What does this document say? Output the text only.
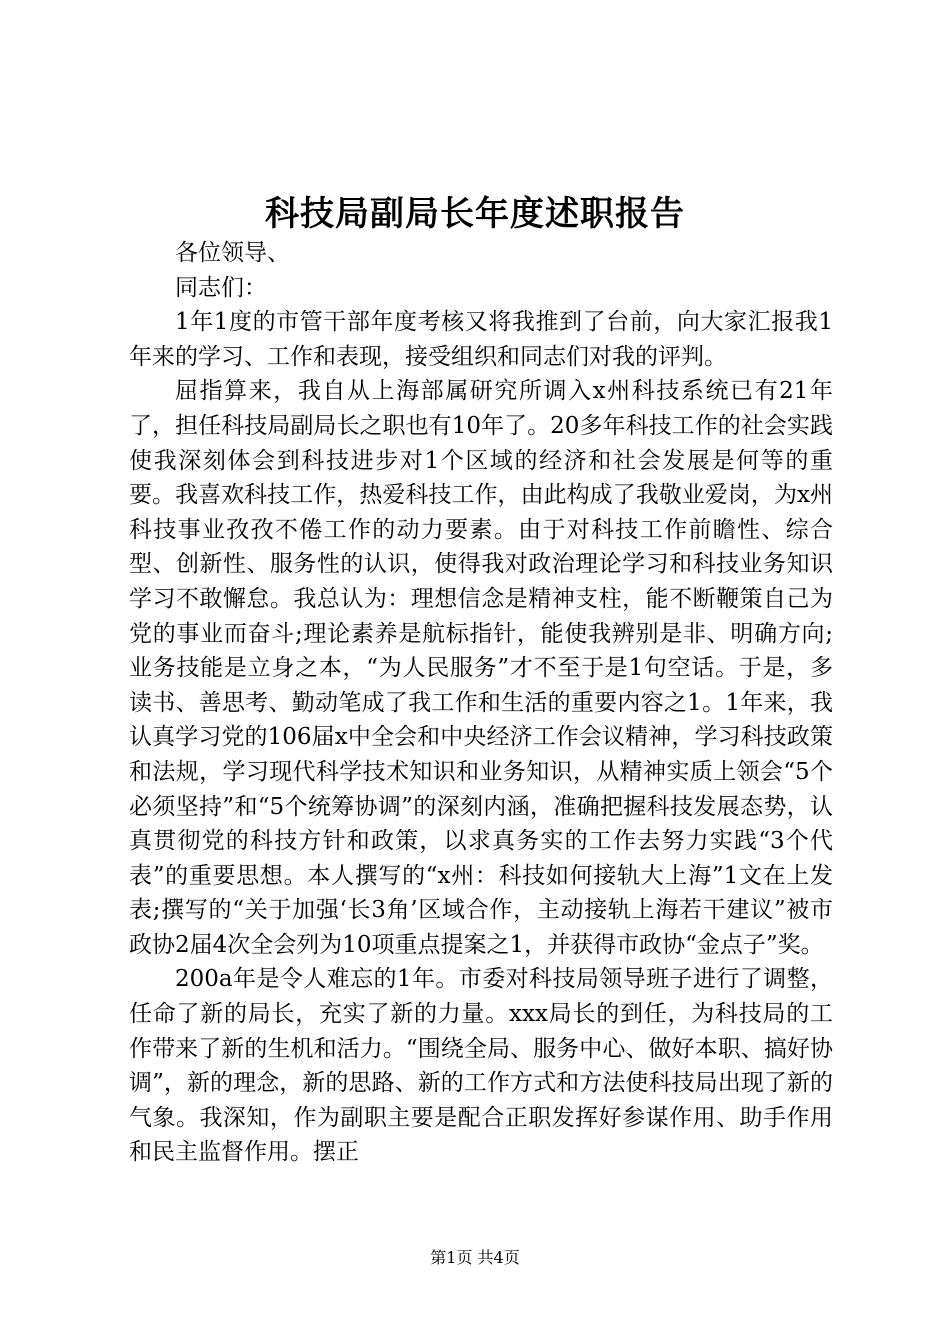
科技局副局长年度述职报告
各位领导、
同志们：
1年1度的市管干部年度考核又将我推到了台前，向大家汇报我1年来的学习、工作和表现，接受组织和同志们对我的评判。
屈指算来，我自从上海部属研究所调入x州科技系统已有21年了，担任科技局副局长之职也有10年了。20多年科技工作的社会实践使我深刻体会到科技进步对1个区域的经济和社会发展是何等的重要。我喜欢科技工作，热爱科技工作，由此构成了我敬业爱岗，为x州科技事业孜孜不倦工作的动力要素。由于对科技工作前瞻性、综合型、创新性、服务性的认识，使得我对政治理论学习和科技业务知识学习不敢懈怠。我总认为：理想信念是精神支柱，能不断鞭策自己为党的事业而奋斗;理论素养是航标指针，能使我辨别是非、明确方向;业务技能是立身之本，“为人民服务”才不至于是1句空话。于是，多读书、善思考、勤动笔成了我工作和生活的重要内容之1。1年来，我认真学习党的106届x中全会和中央经济工作会议精神，学习科技政策和法规，学习现代科学技术知识和业务知识，从精神实质上领会“5个必须坚持”和“5个统筹协调”的深刻内涵，准确把握科技发展态势，认真贯彻党的科技方针和政策，以求真务实的工作去努力实践“3个代表”的重要思想。本人撰写的“x州：科技如何接轨大上海”1文在上发表;撰写的“关于加强‘长3角’区域合作，主动接轨上海若干建议”被市政协2届4次全会列为10项重点提案之1，并获得市政协“金点子”奖。
200a年是令人难忘的1年。市委对科技局领导班子进行了调整，任命了新的局长，充实了新的力量。xxx局长的到任，为科技局的工作带来了新的生机和活力。“围绕全局、服务中心、做好本职、搞好协调”，新的理念，新的思路、新的工作方式和方法使科技局出现了新的气象。我深知，作为副职主要是配合正职发挥好参谋作用、助手作用和民主监督作用。摆正
第1页 共4页
